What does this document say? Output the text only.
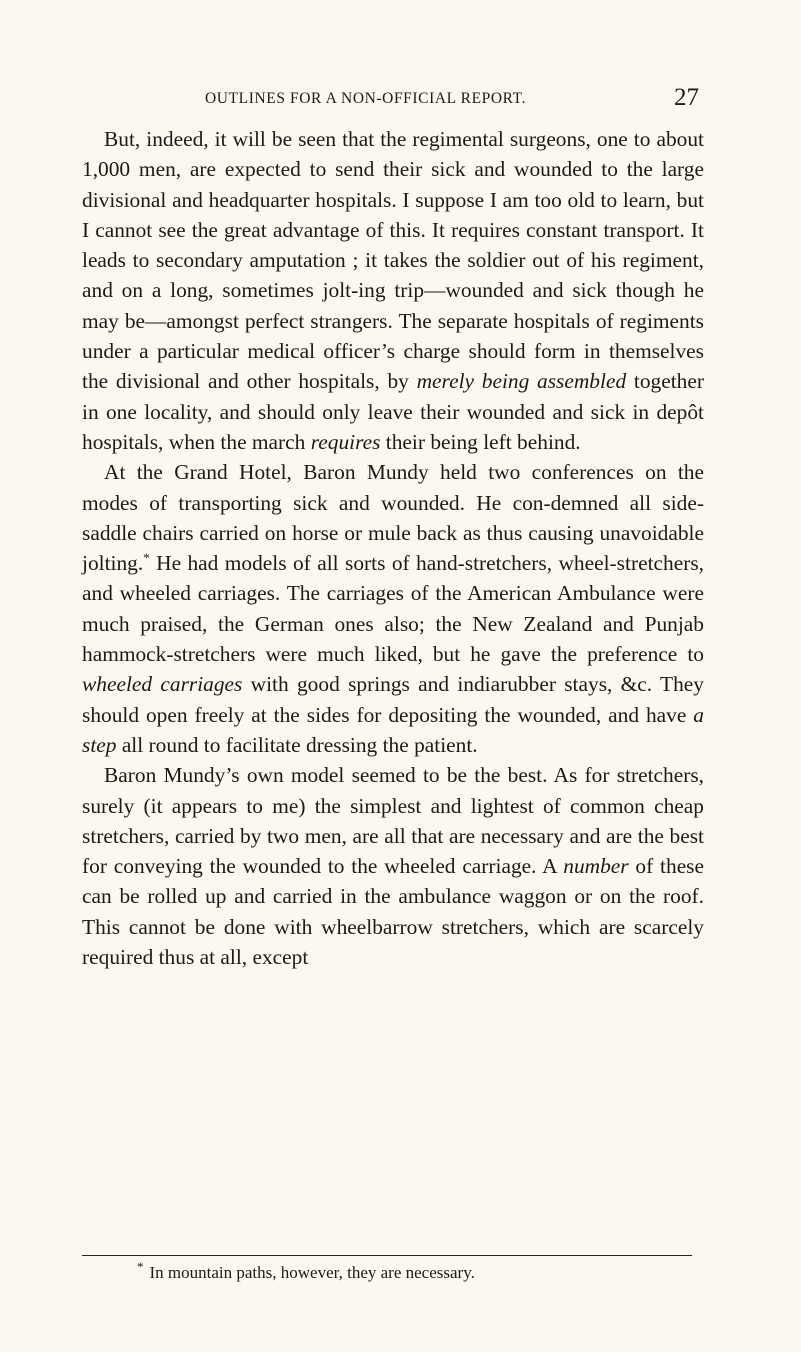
OUTLINES FOR A NON-OFFICIAL REPORT.	27

But, indeed, it will be seen that the regimental surgeons, one to about 1,000 men, are expected to send their sick and wounded to the large divisional and headquarter hospitals. I suppose I am too old to learn, but I cannot see the great advantage of this. It requires constant transport. It leads to secondary amputation ; it takes the soldier out of his regiment, and on a long, sometimes jolt-ing trip—wounded and sick though he may be—amongst perfect strangers. The separate hospitals of regiments under a particular medical officer’s charge should form in themselves the divisional and other hospitals, by merely being assembled together in one locality, and should only leave their wounded and sick in depôt hospitals, when the march requires their being left behind.

At the Grand Hotel, Baron Mundy held two conferences on the modes of transporting sick and wounded. He con-demned all side-saddle chairs carried on horse or mule back as thus causing unavoidable jolting.* He had models of all sorts of hand-stretchers, wheel-stretchers, and wheeled carriages. The carriages of the American Ambulance were much praised, the German ones also; the New Zealand and Punjab hammock-stretchers were much liked, but he gave the preference to wheeled carriages with good springs and indiarubber stays, &c. They should open freely at the sides for depositing the wounded, and have a step all round to facilitate dressing the patient.

Baron Mundy’s own model seemed to be the best. As for stretchers, surely (it appears to me) the simplest and lightest of common cheap stretchers, carried by two men, are all that are necessary and are the best for conveying the wounded to the wheeled carriage. A number of these can be rolled up and carried in the ambulance waggon or on the roof. This cannot be done with wheelbarrow stretchers, which are scarcely required thus at all, except

* In mountain paths, however, they are necessary.
